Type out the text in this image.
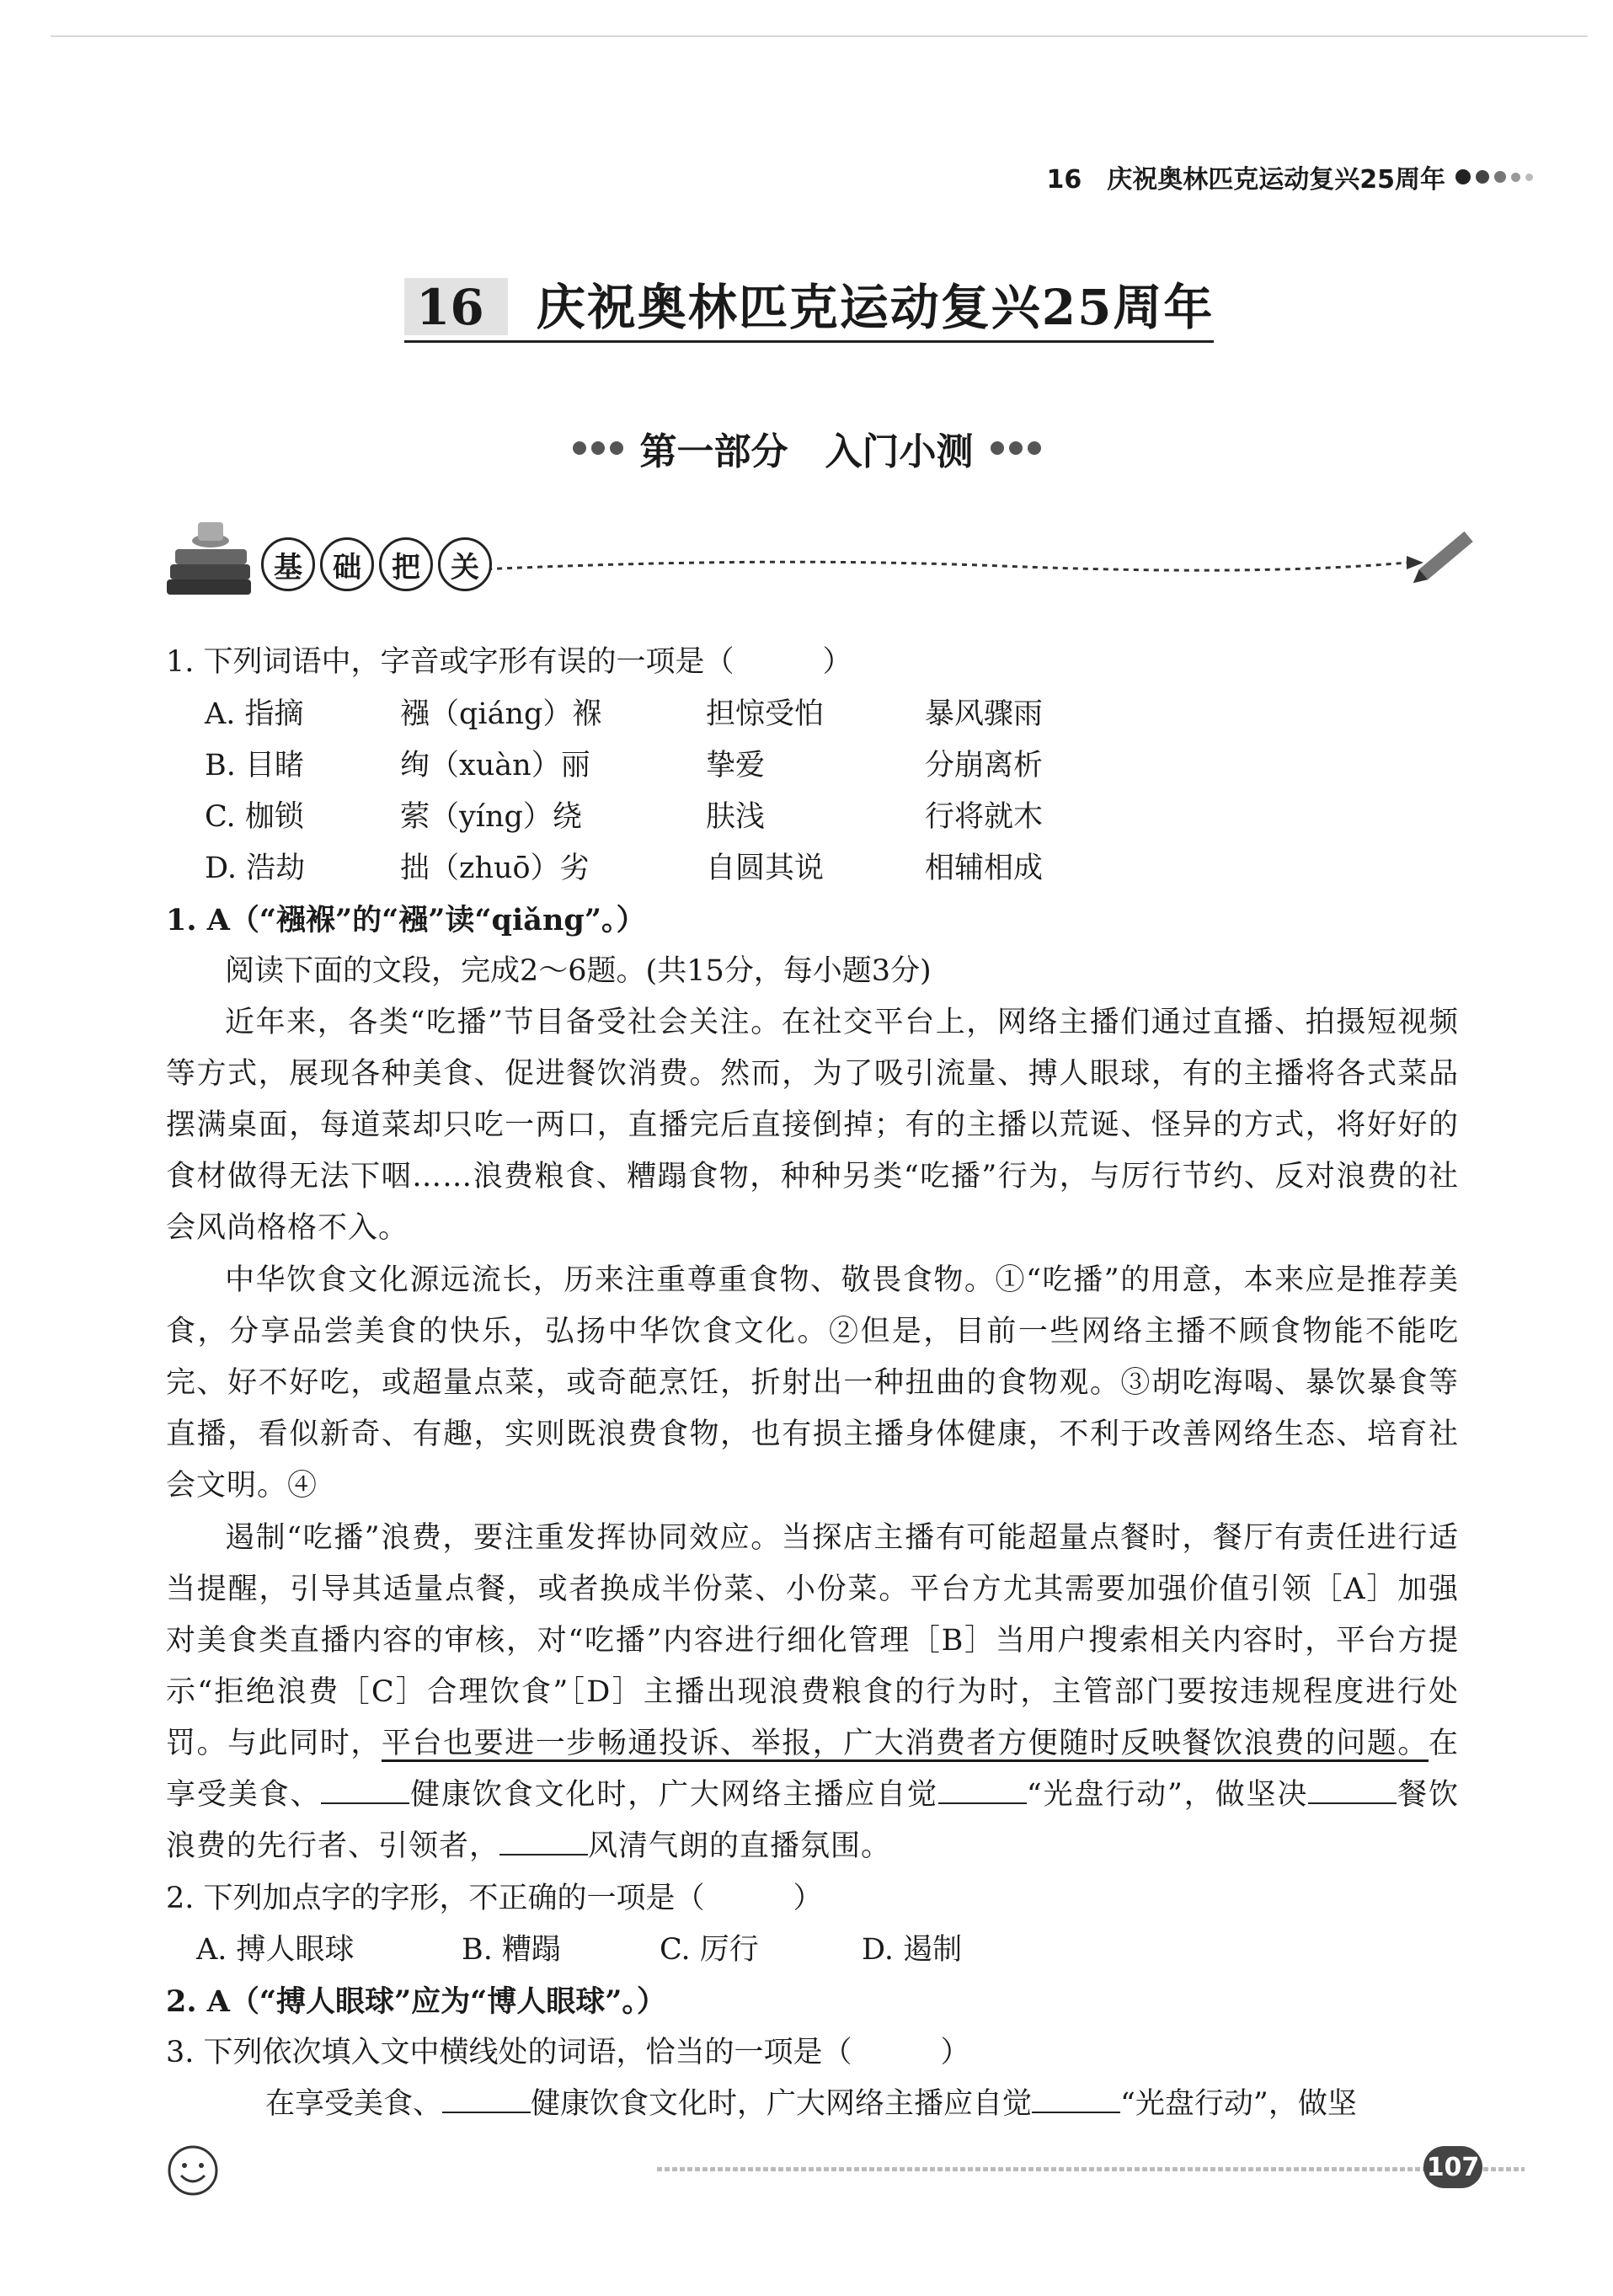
16　庆祝奥林匹克运动复兴25周年
16	庆祝奥林匹克运动复兴25周年
第一部分　入门小测
基	础	把	关
1. 下列词语中，字音或字形有误的一项是（　　　）
A. 指摘	襁（qiáng）褓	担惊受怕	暴风骤雨
B. 目睹	绚（xuàn）丽	挚爱	分崩离析
C. 枷锁	萦（yíng）绕	肤浅	行将就木
D. 浩劫	拙（zhuō）劣	自圆其说	相辅相成
1. A（“襁褓”的“襁”读“qiǎng”。）
阅读下面的文段，完成2～6题。(共15分，每小题3分)
近年来，各类“吃播”节目备受社会关注。在社交平台上，网络主播们通过直播、拍摄短视频等方式，展现各种美食、促进餐饮消费。然而，为了吸引流量、搏人眼球，有的主播将各式菜品摆满桌面，每道菜却只吃一两口，直播完后直接倒掉；有的主播以荒诞、怪异的方式，将好好的食材做得无法下咽……浪费粮食、糟蹋食物，种种另类“吃播”行为，与厉行节约、反对浪费的社会风尚格格不入。
中华饮食文化源远流长，历来注重尊重食物、敬畏食物。①“吃播”的用意，本来应是推荐美食，分享品尝美食的快乐，弘扬中华饮食文化。②但是，目前一些网络主播不顾食物能不能吃完、好不好吃，或超量点菜，或奇葩烹饪，折射出一种扭曲的食物观。③胡吃海喝、暴饮暴食等直播，看似新奇、有趣，实则既浪费食物，也有损主播身体健康，不利于改善网络生态、培育社会文明。④
遏制“吃播”浪费，要注重发挥协同效应。当探店主播有可能超量点餐时，餐厅有责任进行适当提醒，引导其适量点餐，或者换成半份菜、小份菜。平台方尤其需要加强价值引领［A］加强对美食类直播内容的审核，对“吃播”内容进行细化管理［B］当用户搜索相关内容时，平台方提示“拒绝浪费［C］合理饮食”［D］主播出现浪费粮食的行为时，主管部门要按违规程度进行处罚。与此同时，平台也要进一步畅通投诉、举报，广大消费者方便随时反映餐饮浪费的问题。在享受美食、	健康饮食文化时，广大网络主播应自觉	“光盘行动”，做坚决	餐饮浪费的先行者、引领者，	风清气朗的直播氛围。
2. 下列加点字的字形，不正确的一项是（　　　）
A. 搏人眼球	B. 糟蹋	C. 厉行	D. 遏制
2. A（“搏人眼球”应为“博人眼球”。）
3. 下列依次填入文中横线处的词语，恰当的一项是（　　　）
在享受美食、	健康饮食文化时，广大网络主播应自觉	“光盘行动”，做坚
107
